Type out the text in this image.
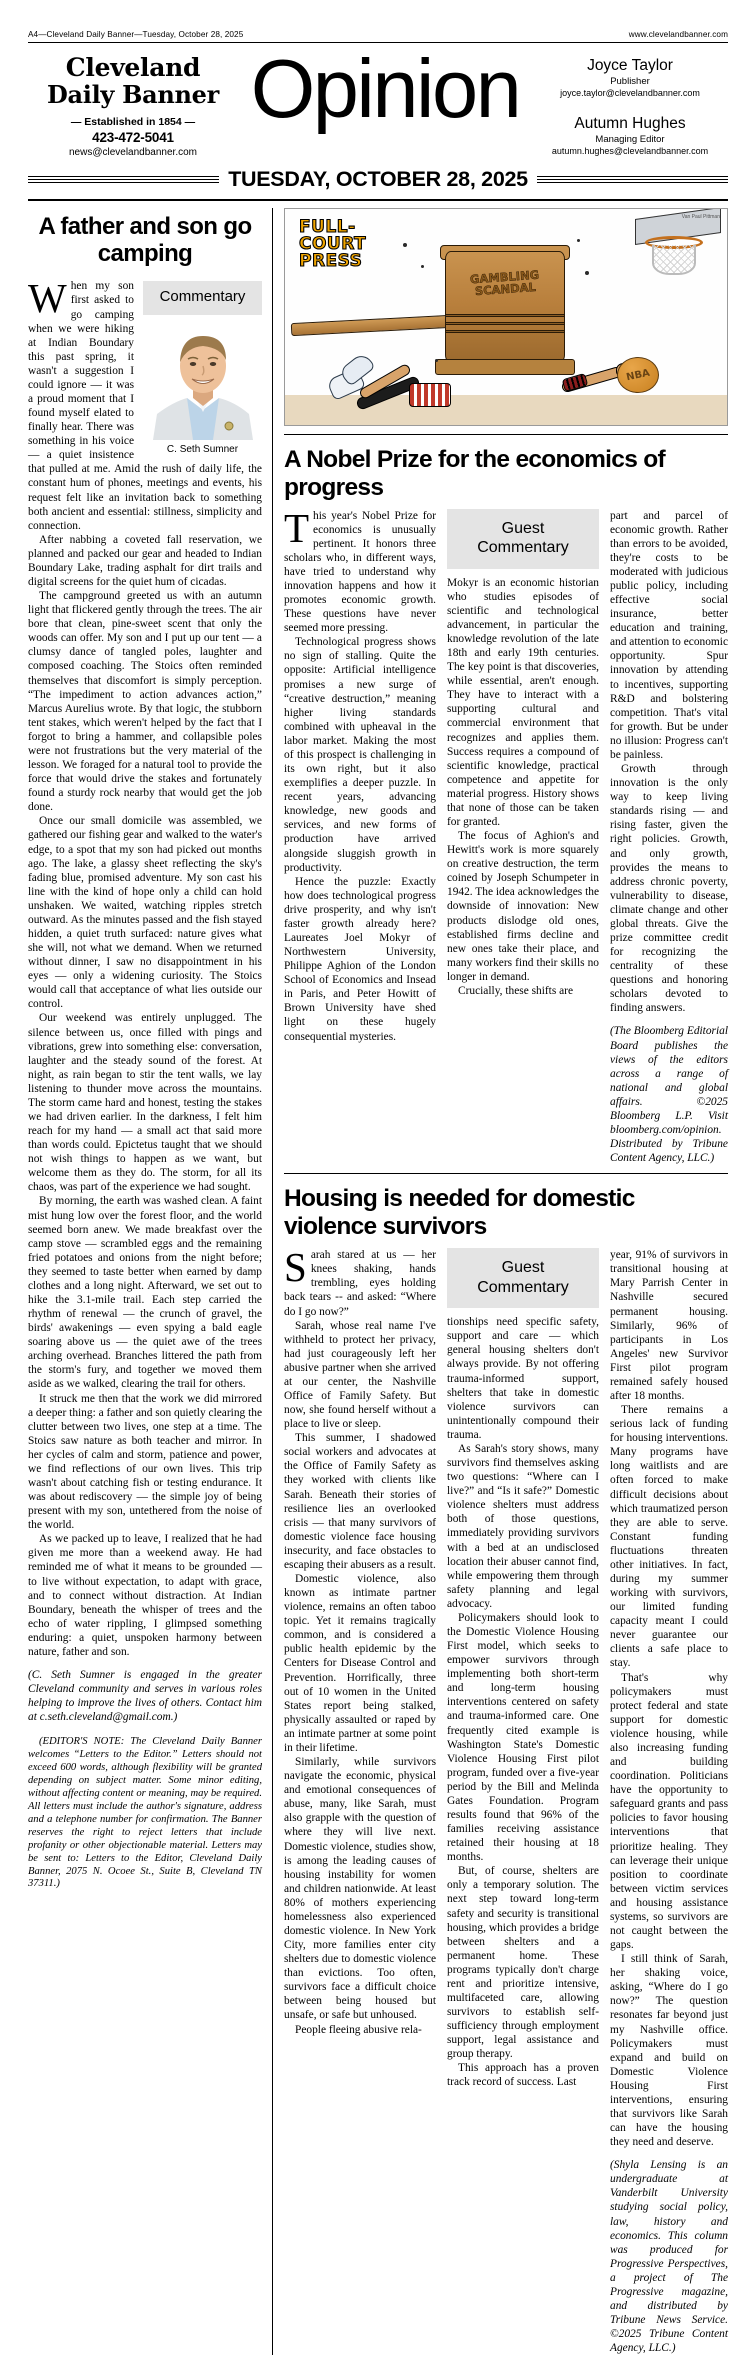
A4—Cleveland Daily Banner—Tuesday, October 28, 2025	www.clevelandbanner.com
Cleveland
Daily Banner
— Established in 1854 —
423-472-5041
news@clevelandbanner.com
Opinion	Joyce Taylor
Publisher
joyce.taylor@clevelandbanner.com
Autumn Hughes
Managing Editor
autumn.hughes@clevelandbanner.com
TUESDAY, OCTOBER 28, 2025
A father and son go camping
Commentary
C. Seth Sumner

When my son first asked to go camping when we were hiking at Indian Boundary this past spring, it wasn't a suggestion I could ignore — it was a proud moment that I found myself elated to finally hear. There was something in his voice — a quiet insistence that pulled at me. Amid the rush of daily life, the constant hum of phones, meetings and events, his request felt like an invitation back to something both ancient and essential: stillness, simplicity and connection.

After nabbing a coveted fall reservation, we planned and packed our gear and headed to Indian Boundary Lake, trading asphalt for dirt trails and digital screens for the quiet hum of cicadas.

The campground greeted us with an autumn light that flickered gently through the trees. The air bore that clean, pine-sweet scent that only the woods can offer. My son and I put up our tent — a clumsy dance of tangled poles, laughter and composed coaching. The Stoics often reminded themselves that discomfort is simply perception. “The impediment to action advances action,” Marcus Aurelius wrote. By that logic, the stubborn tent stakes, which weren't helped by the fact that I forgot to bring a hammer, and collapsible poles were not frustrations but the very material of the lesson. We foraged for a natural tool to provide the force that would drive the stakes and fortunately found a sturdy rock nearby that would get the job done.

Once our small domicile was assembled, we gathered our fishing gear and walked to the water's edge, to a spot that my son had picked out months ago. The lake, a glassy sheet reflecting the sky's fading blue, promised adventure. My son cast his line with the kind of hope only a child can hold unshaken. We waited, watching ripples stretch outward. As the minutes passed and the fish stayed hidden, a quiet truth surfaced: nature gives what she will, not what we demand. When we returned without dinner, I saw no disappointment in his eyes — only a widening curiosity. The Stoics would call that acceptance of what lies outside our control.

Our weekend was entirely unplugged. The silence between us, once filled with pings and vibrations, grew into something else: conversation, laughter and the steady sound of the forest. At night, as rain began to stir the tent walls, we lay listening to thunder move across the mountains. The storm came hard and honest, testing the stakes we had driven earlier. In the darkness, I felt him reach for my hand — a small act that said more than words could. Epictetus taught that we should not wish things to happen as we want, but welcome them as they do. The storm, for all its chaos, was part of the experience we had sought.

By morning, the earth was washed clean. A faint mist hung low over the forest floor, and the world seemed born anew. We made breakfast over the camp stove — scrambled eggs and the remaining fried potatoes and onions from the night before; they seemed to taste better when earned by damp clothes and a long night. Afterward, we set out to hike the 3.1-mile trail. Each step carried the rhythm of renewal — the crunch of gravel, the birds' awakenings — even spying a bald eagle soaring above us — the quiet awe of the trees arching overhead. Branches littered the path from the storm's fury, and together we moved them aside as we walked, clearing the trail for others.

It struck me then that the work we did mirrored a deeper thing: a father and son quietly clearing the clutter between two lives, one step at a time. The Stoics saw nature as both teacher and mirror. In her cycles of calm and storm, patience and power, we find reflections of our own lives. This trip wasn't about catching fish or testing endurance. It was about rediscovery — the simple joy of being present with my son, untethered from the noise of the world.

As we packed up to leave, I realized that he had given me more than a weekend away. He had reminded me of what it means to be grounded — to live without expectation, to adapt with grace, and to connect without distraction. At Indian Boundary, beneath the whisper of trees and the echo of water rippling, I glimpsed something enduring: a quiet, unspoken harmony between nature, father and son.

(C. Seth Sumner is engaged in the greater Cleveland community and serves in various roles helping to improve the lives of others. Contact him at c.seth.cleveland@gmail.com.)

(EDITOR'S NOTE: The Cleveland Daily Banner welcomes “Letters to the Editor.” Letters should not exceed 600 words, although flexibility will be granted depending on subject matter. Some minor editing, without affecting content or meaning, may be required. All letters must include the author's signature, address and a telephone number for confirmation. The Banner reserves the right to reject letters that include profanity or other objectionable material. Letters may be sent to: Letters to the Editor, Cleveland Daily Banner, 2075 N. Ocoee St., Suite B, Cleveland TN 37311.)

GAMBLING SCANDAL
NBA
FULL-
COURT
PRESS
Van Paul Pittman
A Nobel Prize for the economics of progress

This year's Nobel Prize for economics is unusually pertinent. It honors three scholars who, in different ways, have tried to understand why innovation happens and how it promotes economic growth. These questions have never seemed more pressing.

Technological progress shows no sign of stalling. Quite the opposite: Artificial intelligence promises a new surge of “creative destruction,” meaning higher living standards combined with upheaval in the labor market. Making the most of this prospect is challenging in its own right, but it also exemplifies a deeper puzzle. In recent years, advancing knowledge, new goods and services, and new forms of production have arrived alongside sluggish growth in productivity.

Hence the puzzle: Exactly how does technological progress drive prosperity, and why isn't faster growth already here? Laureates Joel Mokyr of Northwestern University, Philippe Aghion of the London School of Economics and Insead in Paris, and Peter Howitt of Brown University have shed light on these hugely consequential mysteries.

Guest
Commentary

Mokyr is an economic historian who studies episodes of scientific and technological advancement, in particular the knowledge revolution of the late 18th and early 19th centuries. The key point is that discoveries, while essential, aren't enough. They have to interact with a supporting cultural and commercial environment that recognizes and applies them. Success requires a compound of scientific knowledge, practical competence and appetite for material progress. History shows that none of those can be taken for granted.

The focus of Aghion's and Hewitt's work is more squarely on creative destruction, the term coined by Joseph Schumpeter in 1942. The idea acknowledges the downside of innovation: New products dislodge old ones, established firms decline and new ones take their place, and many workers find their skills no longer in demand.

Crucially, these shifts are

part and parcel of economic growth. Rather than errors to be avoided, they're costs to be moderated with judicious public policy, including effective social insurance, better education and training, and attention to economic opportunity. Spur innovation by attending to incentives, supporting R&D and bolstering competition. That's vital for growth. But be under no illusion: Progress can't be painless.

Growth through innovation is the only way to keep living standards rising — and rising faster, given the right policies. Growth, and only growth, provides the means to address chronic poverty, vulnerability to disease, climate change and other global threats. Give the prize committee credit for recognizing the centrality of these questions and honoring scholars devoted to finding answers.

(The Bloomberg Editorial Board publishes the views of the editors across a range of national and global affairs. ©2025 Bloomberg L.P. Visit bloomberg.com/opinion. Distributed by Tribune Content Agency, LLC.)

Housing is needed for domestic violence survivors

Sarah stared at us — her knees shaking, hands trembling, eyes holding back tears -- and asked: “Where do I go now?”

Sarah, whose real name I've withheld to protect her privacy, had just courageously left her abusive partner when she arrived at our center, the Nashville Office of Family Safety. But now, she found herself without a place to live or sleep.

This summer, I shadowed social workers and advocates at the Office of Family Safety as they worked with clients like Sarah. Beneath their stories of resilience lies an overlooked crisis — that many survivors of domestic violence face housing insecurity, and face obstacles to escaping their abusers as a result.

Domestic violence, also known as intimate partner violence, remains an often taboo topic. Yet it remains tragically common, and is considered a public health epidemic by the Centers for Disease Control and Prevention. Horrifically, three out of 10 women in the United States report being stalked, physically assaulted or raped by an intimate partner at some point in their lifetime.

Similarly, while survivors navigate the economic, physical and emotional consequences of abuse, many, like Sarah, must also grapple with the question of where they will live next. Domestic violence, studies show, is among the leading causes of housing instability for women and children nationwide. At least 80% of mothers experiencing homelessness also experienced domestic violence. In New York City, more families enter city shelters due to domestic violence than evictions. Too often, survivors face a difficult choice between being housed but unsafe, or safe but unhoused.

People fleeing abusive rela-

Guest
Commentary

tionships need specific safety, support and care — which general housing shelters don't always provide. By not offering trauma-informed support, shelters that take in domestic violence survivors can unintentionally compound their trauma.

As Sarah's story shows, many survivors find themselves asking two questions: “Where can I live?” and “Is it safe?” Domestic violence shelters must address both of those questions, immediately providing survivors with a bed at an undisclosed location their abuser cannot find, while empowering them through safety planning and legal advocacy.

Policymakers should look to the Domestic Violence Housing First model, which seeks to empower survivors through implementing both short-term and long-term housing interventions centered on safety and trauma-informed care. One frequently cited example is Washington State's Domestic Violence Housing First pilot program, funded over a five-year period by the Bill and Melinda Gates Foundation. Program results found that 96% of the families receiving assistance retained their housing at 18 months.

But, of course, shelters are only a temporary solution. The next step toward long-term safety and security is transitional housing, which provides a bridge between shelters and a permanent home. These programs typically don't charge rent and prioritize intensive, multifaceted care, allowing survivors to establish self-sufficiency through employment support, legal assistance and group therapy.

This approach has a proven track record of success. Last

year, 91% of survivors in transitional housing at Mary Parrish Center in Nashville secured permanent housing. Similarly, 96% of participants in Los Angeles' new Survivor First pilot program remained safely housed after 18 months.

There remains a serious lack of funding for housing interventions. Many programs have long waitlists and are often forced to make difficult decisions about which traumatized person they are able to serve. Constant funding fluctuations threaten other initiatives. In fact, during my summer working with survivors, our limited funding capacity meant I could never guarantee our clients a safe place to stay.

That's why policymakers must protect federal and state support for domestic violence housing, while also increasing funding and building coordination. Politicians have the opportunity to safeguard grants and pass policies to favor housing interventions that prioritize healing. They can leverage their unique position to coordinate between victim services and housing assistance systems, so survivors are not caught between the gaps.

I still think of Sarah, her shaking voice, asking, “Where do I go now?” The question resonates far beyond just my Nashville office. Policymakers must expand and build on Domestic Violence Housing First interventions, ensuring that survivors like Sarah can have the housing they need and deserve.

(Shyla Lensing is an undergraduate at Vanderbilt University studying social policy, law, history and economics. This column was produced for Progressive Perspectives, a project of The Progressive magazine, and distributed by Tribune News Service. ©2025 Tribune Content Agency, LLC.)
